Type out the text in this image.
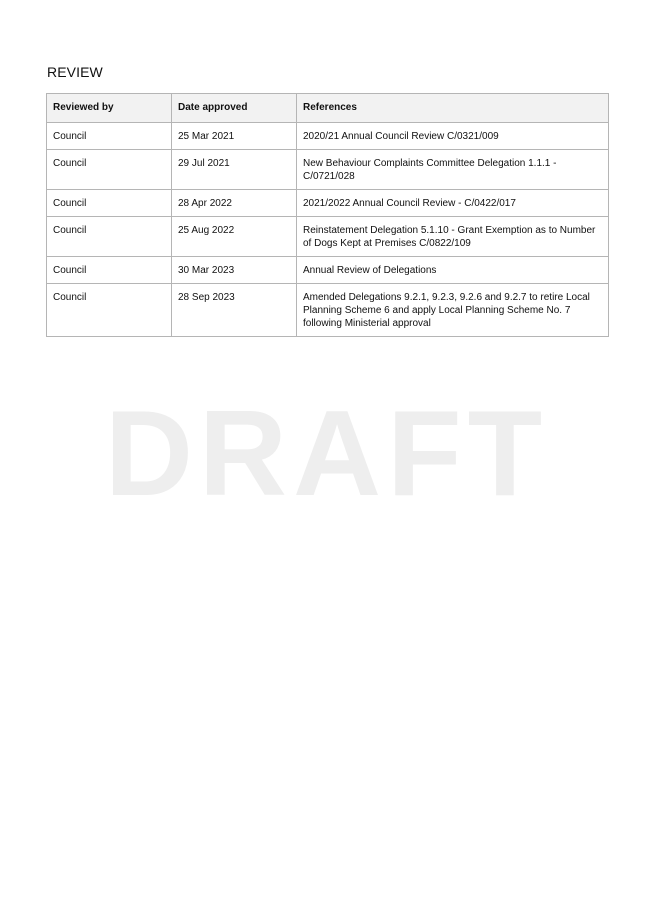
DRAFT
REVIEW
Reviewed by	Date approved	References
Council	25 Mar 2021	2020/21 Annual Council Review C/0321/009
Council	29 Jul 2021	New Behaviour Complaints Committee Delegation 1.1.1 - C/0721/028
Council	28 Apr 2022	2021/2022 Annual Council Review - C/0422/017
Council	25 Aug 2022	Reinstatement Delegation 5.1.10 - Grant Exemption as to Number of Dogs Kept at Premises C/0822/109
Council	30 Mar 2023	Annual Review of Delegations
Council	28 Sep 2023	Amended Delegations 9.2.1, 9.2.3, 9.2.6 and 9.2.7 to retire Local Planning Scheme 6 and apply Local Planning Scheme No. 7 following Ministerial approval
